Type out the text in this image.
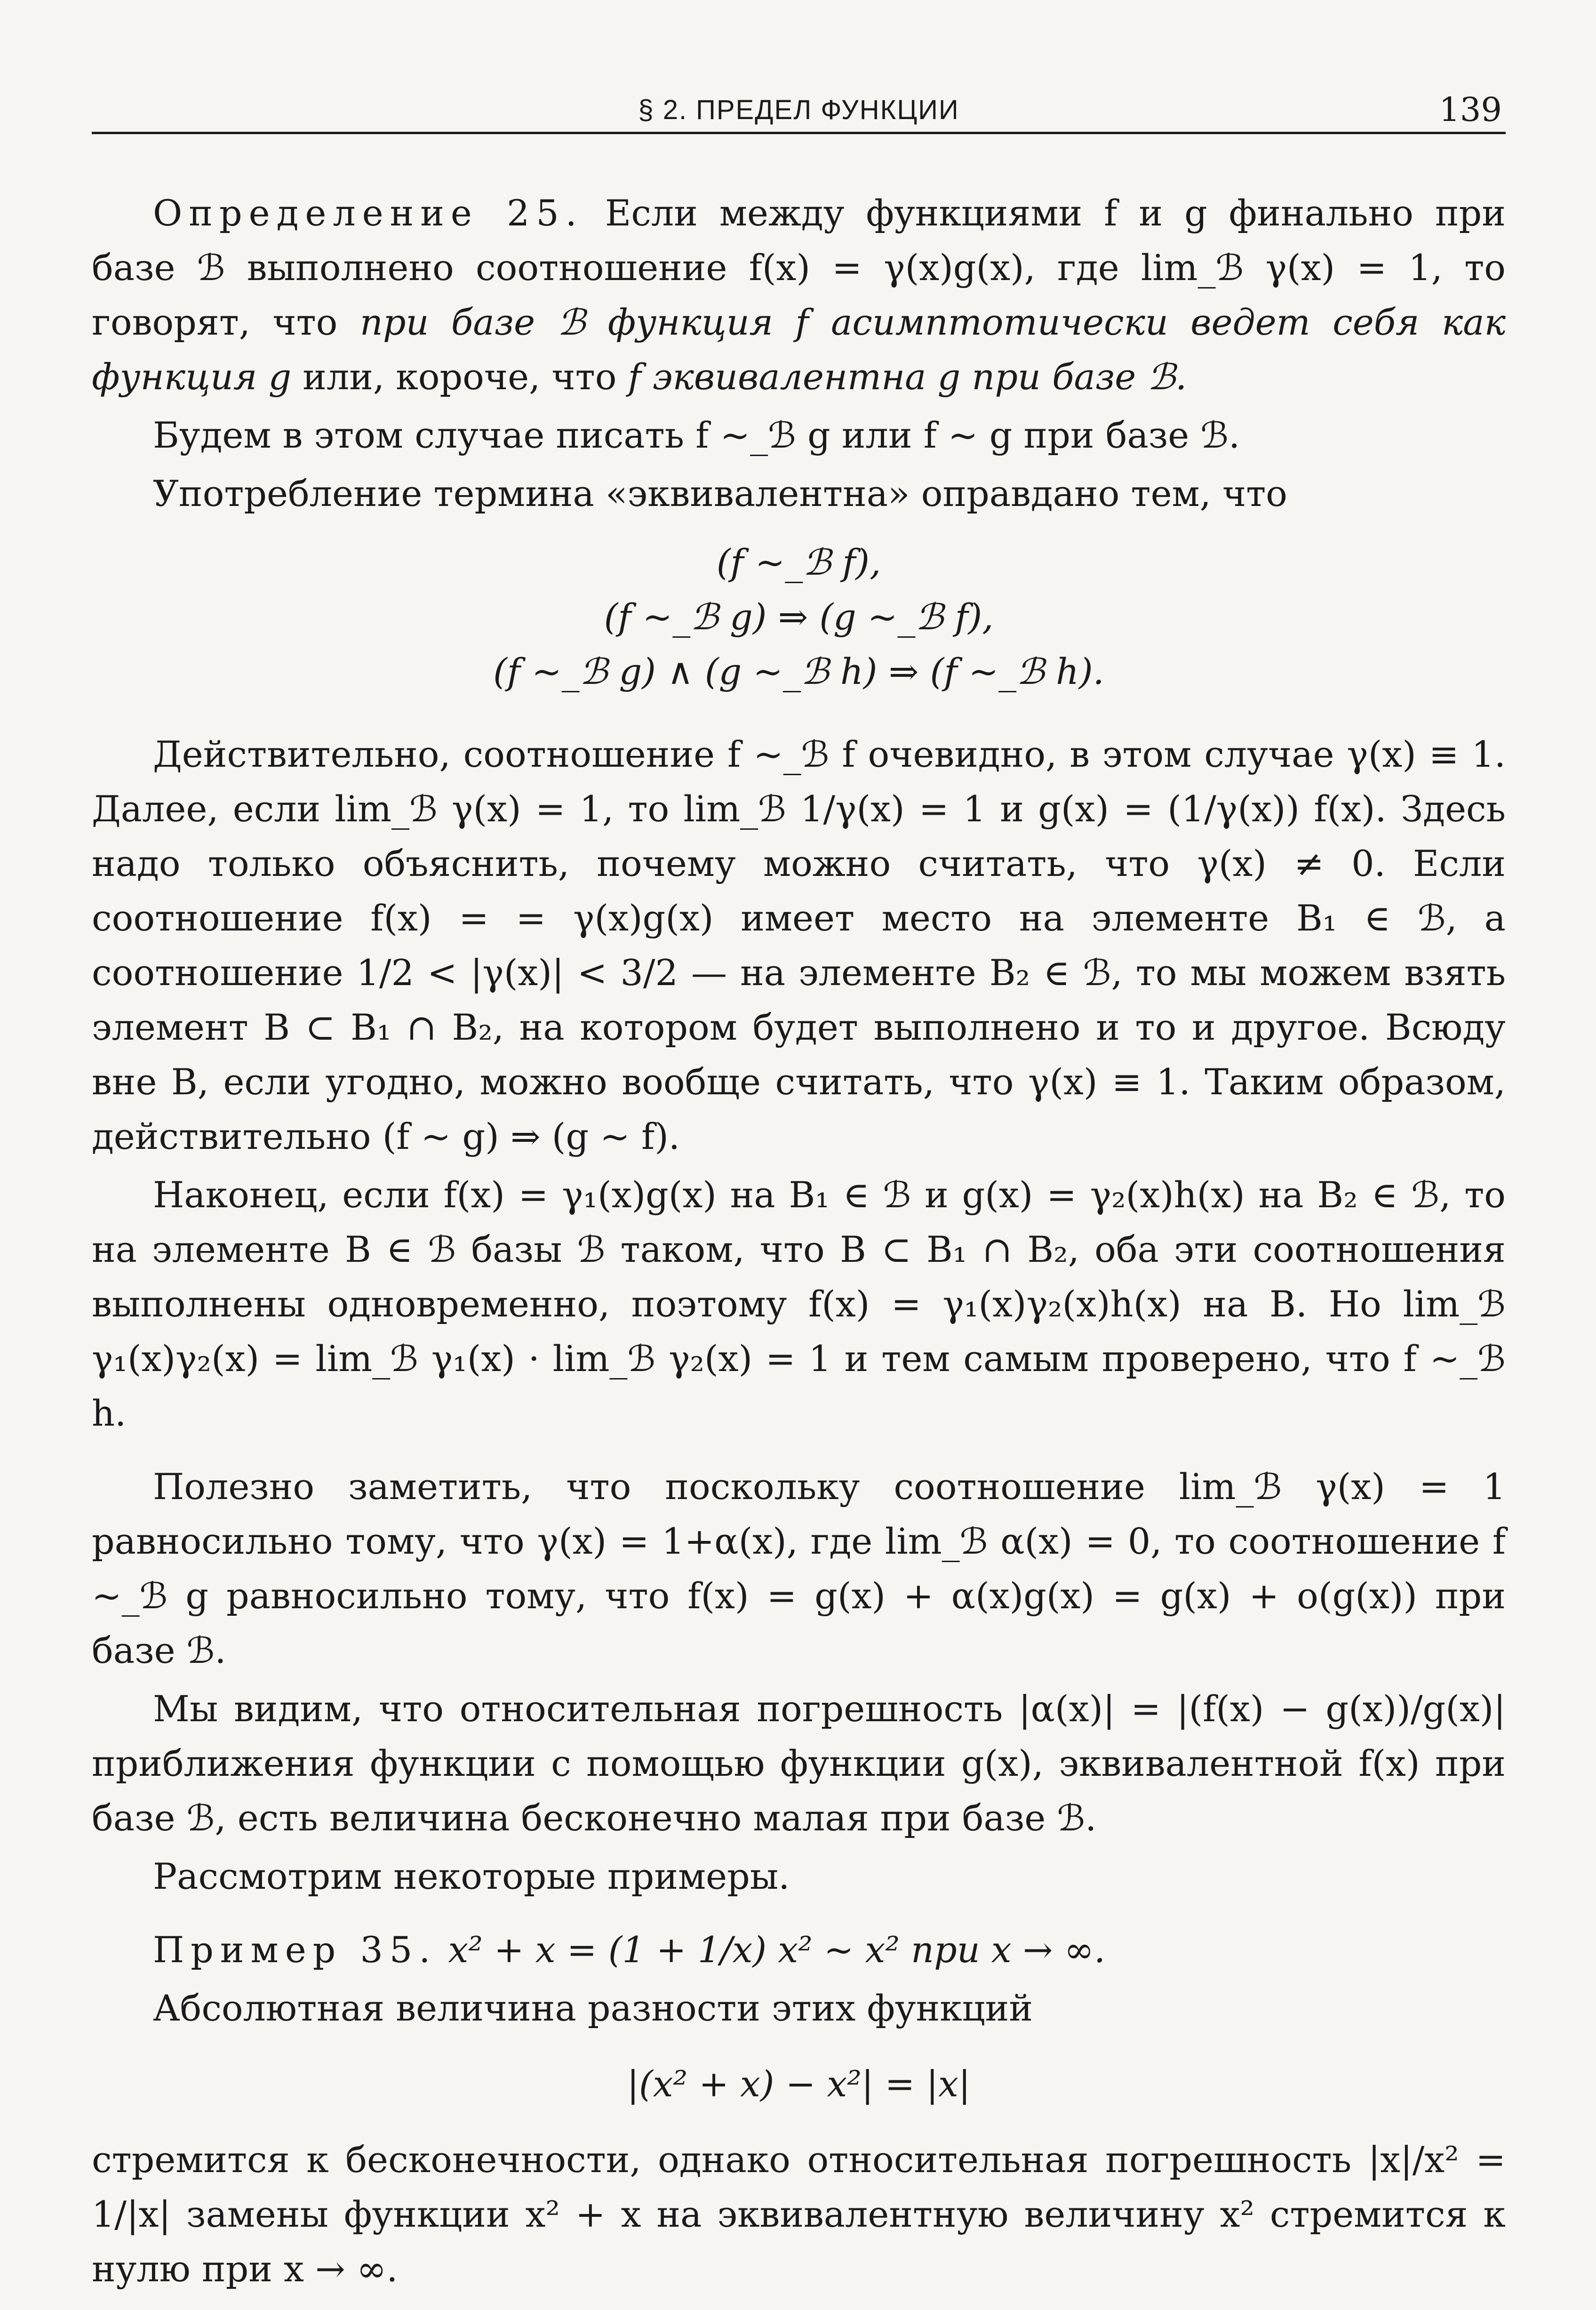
§ 2. ПРЕДЕЛ ФУНКЦИИ	139

Определение 25. Если между функциями f и g финально при базе ℬ выполнено соотношение f(x) = γ(x)g(x), где lim_ℬ γ(x) = 1, то говорят, что при базе ℬ функция f асимптотически ведет себя как функция g или, короче, что f эквивалентна g при базе ℬ.

Будем в этом случае писать f ~_ℬ g или f ~ g при базе ℬ.

Употребление термина «эквивалентна» оправдано тем, что

(f ~_ℬ f),

(f ~_ℬ g) ⇒ (g ~_ℬ f),

(f ~_ℬ g) ∧ (g ~_ℬ h) ⇒ (f ~_ℬ h).

Действительно, соотношение f ~_ℬ f очевидно, в этом случае γ(x) ≡ 1. Далее, если lim_ℬ γ(x) = 1, то lim_ℬ 1/γ(x) = 1 и g(x) = (1/γ(x)) f(x). Здесь надо только объяснить, почему можно считать, что γ(x) ≠ 0. Если соотношение f(x) = = γ(x)g(x) имеет место на элементе B₁ ∈ ℬ, а соотношение 1/2 < |γ(x)| < 3/2 — на элементе B₂ ∈ ℬ, то мы можем взять элемент B ⊂ B₁ ∩ B₂, на котором будет выполнено и то и другое. Всюду вне B, если угодно, можно вообще считать, что γ(x) ≡ 1. Таким образом, действительно (f ~ g) ⇒ (g ~ f).

Наконец, если f(x) = γ₁(x)g(x) на B₁ ∈ ℬ и g(x) = γ₂(x)h(x) на B₂ ∈ ℬ, то на элементе B ∈ ℬ базы ℬ таком, что B ⊂ B₁ ∩ B₂, оба эти соотношения выполнены одновременно, поэтому f(x) = γ₁(x)γ₂(x)h(x) на B. Но lim_ℬ γ₁(x)γ₂(x) = lim_ℬ γ₁(x) · lim_ℬ γ₂(x) = 1 и тем самым проверено, что f ~_ℬ h.

Полезно заметить, что поскольку соотношение lim_ℬ γ(x) = 1 равносильно тому, что γ(x) = 1+α(x), где lim_ℬ α(x) = 0, то соотношение f ~_ℬ g равносильно тому, что f(x) = g(x) + α(x)g(x) = g(x) + o(g(x)) при базе ℬ.

Мы видим, что относительная погрешность |α(x)| = |(f(x) − g(x))/g(x)| приближения функции с помощью функции g(x), эквивалентной f(x) при базе ℬ, есть величина бесконечно малая при базе ℬ.

Рассмотрим некоторые примеры.

Пример 35. x² + x = (1 + 1/x) x² ~ x² при x → ∞.

Абсолютная величина разности этих функций

|(x² + x) − x²| = |x|

стремится к бесконечности, однако относительная погрешность |x|/x² = 1/|x| замены функции x² + x на эквивалентную величину x² стремится к нулю при x → ∞.
